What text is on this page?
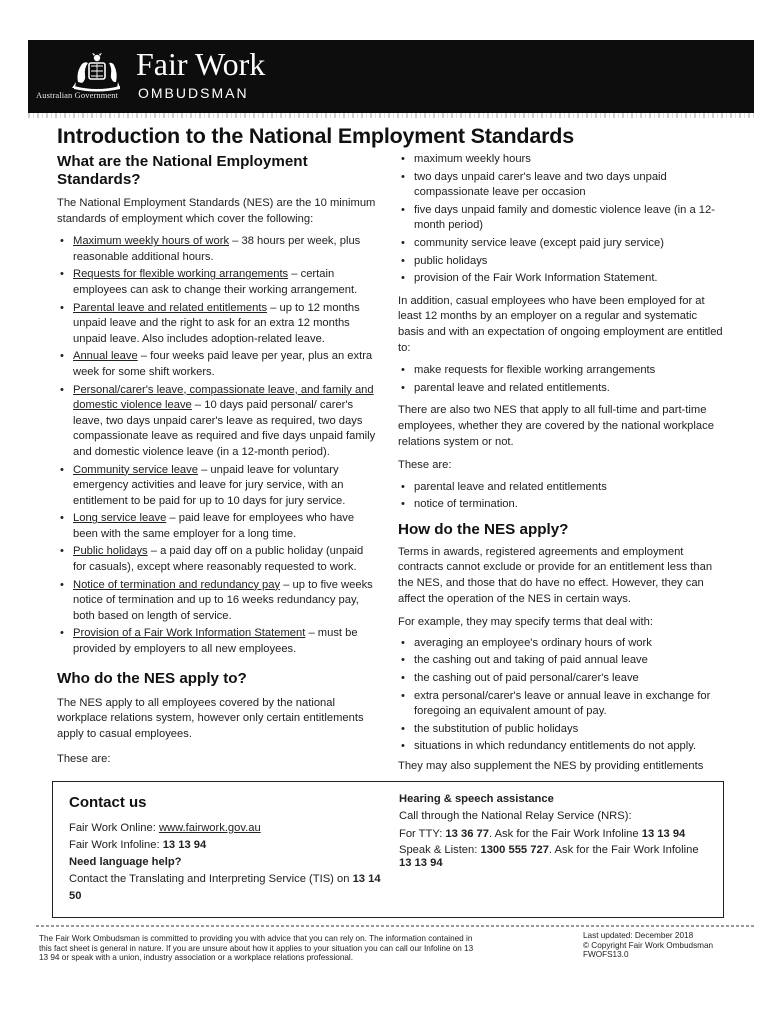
Australian Government
Fair Work
OMBUDSMAN
Introduction to the National Employment Standards
What are the National Employment Standards?

The National Employment Standards (NES) are the 10 minimum standards of employment which cover the following:

• Maximum weekly hours of work – 38 hours per week, plus reasonable additional hours.
• Requests for flexible working arrangements – certain employees can ask to change their working arrangement.
• Parental leave and related entitlements – up to 12 months unpaid leave and the right to ask for an extra 12 months unpaid leave. Also includes adoption-related leave.
• Annual leave – four weeks paid leave per year, plus an extra week for some shift workers.
• Personal/carer's leave, compassionate leave, and family and domestic violence leave – 10 days paid personal/ carer's leave, two days unpaid carer's leave as required, two days compassionate leave as required and five days unpaid family and domestic violence leave (in a 12-month period).
• Community service leave – unpaid leave for voluntary emergency activities and leave for jury service, with an entitlement to be paid for up to 10 days for jury service.
• Long service leave – paid leave for employees who have been with the same employer for a long time.
• Public holidays – a paid day off on a public holiday (unpaid for casuals), except where reasonably requested to work.
• Notice of termination and redundancy pay – up to five weeks notice of termination and up to 16 weeks redundancy pay, both based on length of service.
• Provision of a Fair Work Information Statement – must be provided by employers to all new employees.
Who do the NES apply to?

The NES apply to all employees covered by the national workplace relations system, however only certain entitlements apply to casual employees.

These are:

• maximum weekly hours
• two days unpaid carer's leave and two days unpaid compassionate leave per occasion
• five days unpaid family and domestic violence leave (in a 12-month period)
• community service leave (except paid jury service)
• public holidays
• provision of the Fair Work Information Statement.

In addition, casual employees who have been employed for at least 12 months by an employer on a regular and systematic basis and with an expectation of ongoing employment are entitled to:

• make requests for flexible working arrangements
• parental leave and related entitlements.

There are also two NES that apply to all full-time and part-time employees, whether they are covered by the national workplace relations system or not.

These are:

• parental leave and related entitlements
• notice of termination.
How do the NES apply?

Terms in awards, registered agreements and employment contracts cannot exclude or provide for an entitlement less than the NES, and those that do have no effect. However, they can affect the operation of the NES in certain ways.

For example, they may specify terms that deal with:

• averaging an employee's ordinary hours of work
• the cashing out and taking of paid annual leave
• the cashing out of paid personal/carer's leave
• extra personal/carer's leave or annual leave in exchange for foregoing an equivalent amount of pay.
• the substitution of public holidays
• situations in which redundancy entitlements do not apply.

They may also supplement the NES by providing entitlements

Contact us

Fair Work Online: www.fairwork.gov.au

Fair Work Infoline: 13 13 94

Need language help?

Contact the Translating and Interpreting Service (TIS) on 13 14 50

Hearing & speech assistance

Call through the National Relay Service (NRS):

For TTY: 13 36 77. Ask for the Fair Work Infoline 13 13 94

Speak & Listen: 1300 555 727. Ask for the Fair Work Infoline 13 13 94

The Fair Work Ombudsman is committed to providing you with advice that you can rely on. The information contained in this fact sheet is general in nature. If you are unsure about how it applies to your situation you can call our Infoline on 13 13 94 or speak with a union, industry association or a workplace relations professional.

Last updated: December 2018

© Copyright Fair Work Ombudsman

FWOFS13.0
